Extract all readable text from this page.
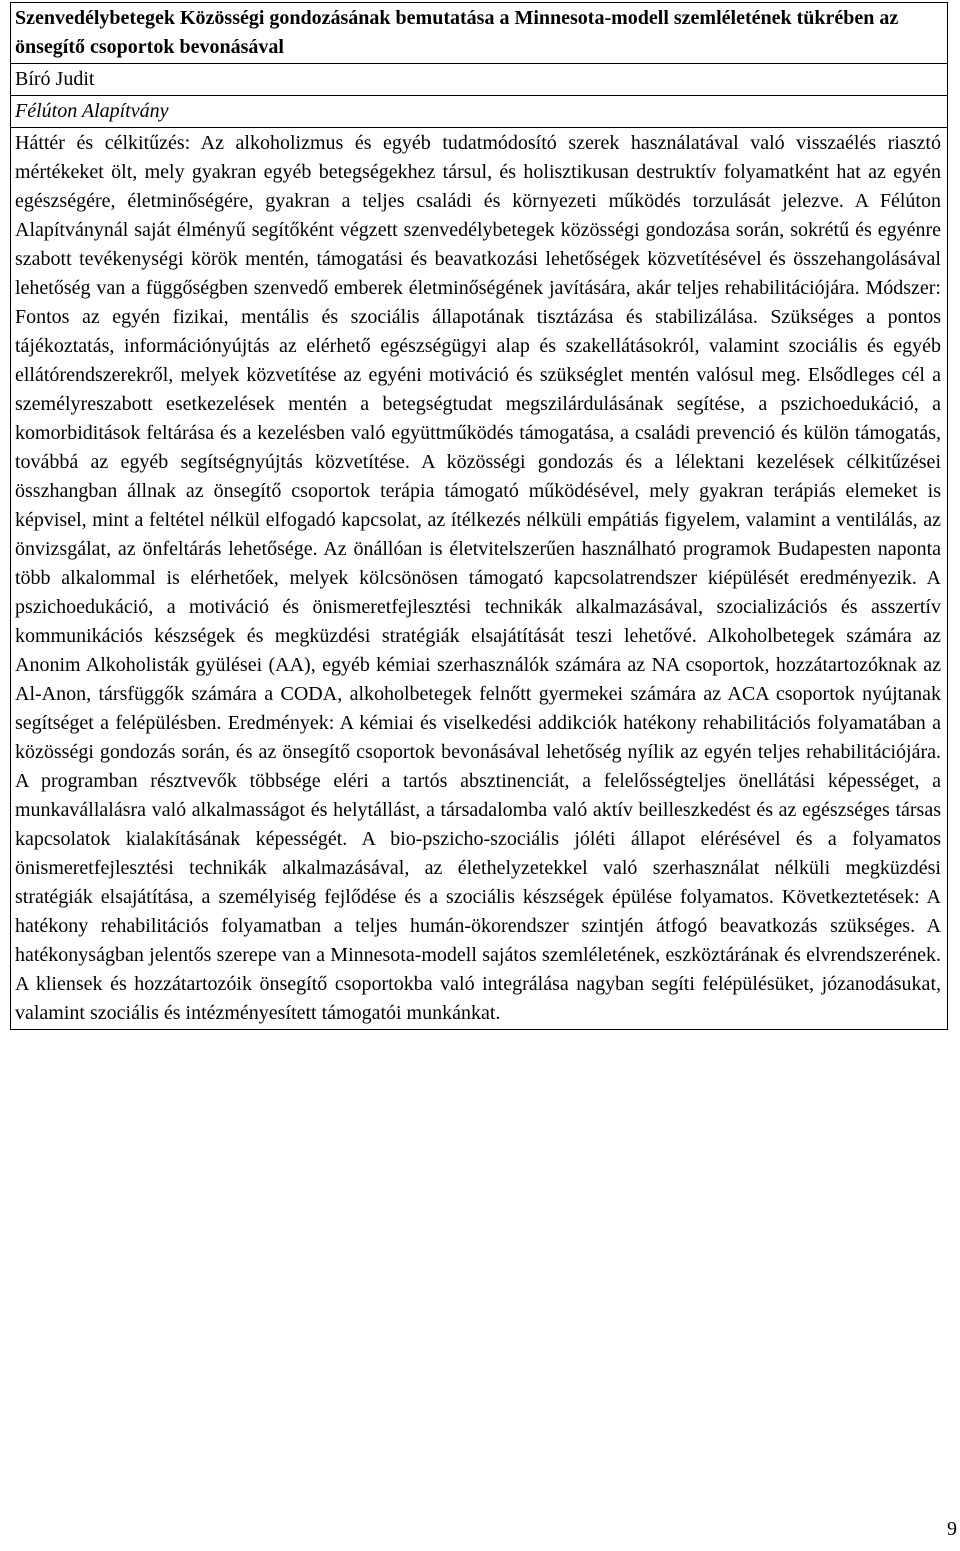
Szenvedélybetegek Közösségi gondozásának bemutatása a Minnesota-modell szemléletének tükrében az önsegítő csoportok bevonásával

Bíró Judit
Félúton Alapítvány

Háttér és célkitűzés: Az alkoholizmus és egyéb tudatmódosító szerek használatával való visszaélés riasztó mértékeket ölt, mely gyakran egyéb betegségekhez társul, és holisztikusan destruktív folyamatként hat az egyén egészségére, életminőségére, gyakran a teljes családi és környezeti működés torzulását jelezve. A Félúton Alapítványnál saját élményű segítőként végzett szenvedélybetegek közösségi gondozása során, sokrétű és egyénre szabott tevékenységi körök mentén, támogatási és beavatkozási lehetőségek közvetítésével és összehangolásával lehetőség van a függőségben szenvedő emberek életminőségének javítására, akár teljes rehabilitációjára. Módszer: Fontos az egyén fizikai, mentális és szociális állapotának tisztázása és stabilizálása. Szükséges a pontos tájékoztatás, információnyújtás az elérhető egészségügyi alap és szakellátásokról, valamint szociális és egyéb ellátórendszerekről, melyek közvetítése az egyéni motiváció és szükséglet mentén valósul meg. Elsődleges cél a személyreszabott esetkezelések mentén a betegségtudat megszilárdulásának segítése, a pszichoedukáció, a komorbiditások feltárása és a kezelésben való együttműködés támogatása, a családi prevenció és külön támogatás, továbbá az egyéb segítségnyújtás közvetítése. A közösségi gondozás és a lélektani kezelések célkitűzései összhangban állnak az önsegítő csoportok terápia támogató működésével, mely gyakran terápiás elemeket is képvisel, mint a feltétel nélkül elfogadó kapcsolat, az ítélkezés nélküli empátiás figyelem, valamint a ventilálás, az önvizsgálat, az önfeltárás lehetősége. Az önállóan is életvitelszerűen használható programok Budapesten naponta több alkalommal is elérhetőek, melyek kölcsönösen támogató kapcsolatrendszer kiépülését eredményezik. A pszichoedukáció, a motiváció és önismeretfejlesztési technikák alkalmazásával, szocializációs és asszertív kommunikációs készségek és megküzdési stratégiák elsajátítását teszi lehetővé. Alkoholbetegek számára az Anonim Alkoholisták gyülései (AA), egyéb kémiai szerhasználók számára az NA csoportok, hozzátartozóknak az Al-Anon, társfüggők számára a CODA, alkoholbetegek felnőtt gyermekei számára az ACA csoportok nyújtanak segítséget a felépülésben. Eredmények: A kémiai és viselkedési addikciók hatékony rehabilitációs folyamatában a közösségi gondozás során, és az önsegítő csoportok bevonásával lehetőség nyílik az egyén teljes rehabilitációjára. A programban résztvevők többsége eléri a tartós absztinenciát, a felelősségteljes önellátási képességet, a munkavállalásra való alkalmasságot és helytállást, a társadalomba való aktív beilleszkedést és az egészséges társas kapcsolatok kialakításának képességét. A bio-pszicho-szociális jóléti állapot elérésével és a folyamatos önismeretfejlesztési technikák alkalmazásával, az élethelyzetekkel való szerhasználat nélküli megküzdési stratégiák elsajátítása, a személyiség fejlődése és a szociális készségek épülése folyamatos. Következtetések: A hatékony rehabilitációs folyamatban a teljes humán-ökorendszer szintjén átfogó beavatkozás szükséges. A hatékonyságban jelentős szerepe van a Minnesota-modell sajátos szemléletének, eszköztárának és elvrendszerének. A kliensek és hozzátartozóik önsegítő csoportokba való integrálása nagyban segíti felépülésüket, józanodásukat, valamint szociális és intézményesített támogatói munkánkat.

9
